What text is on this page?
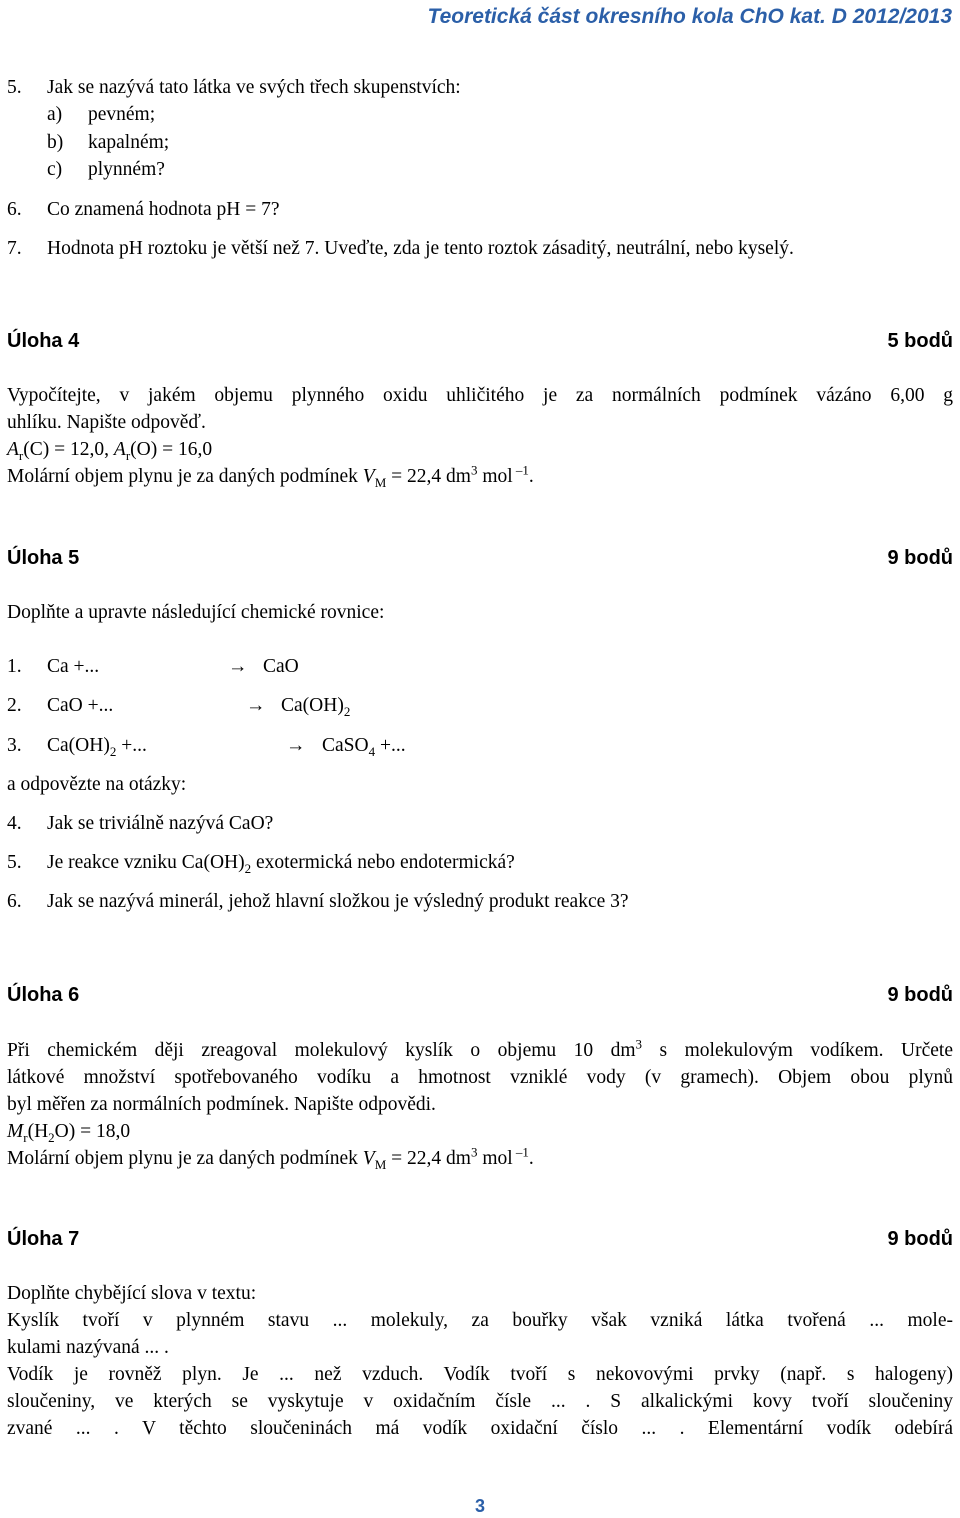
Teoretická část okresního kola ChO kat. D 2012/2013
5. Jak se nazývá tato látka ve svých třech skupenstvích:
a) pevném;
b) kapalném;
c) plynném?
6. Co znamená hodnota pH = 7?
7. Hodnota pH roztoku je větší než 7. Uveďte, zda je tento roztok zásaditý, neutrální, nebo kyselý.
Úloha 4	5 bodů
Vypočítejte, v jakém objemu plynného oxidu uhličitého je za normálních podmínek vázáno 6,00 g
uhlíku. Napište odpověď.
$A_r(C) = 12,0$, $A_r(O) = 16,0$
Molární objem plynu je za daných podmínek $V_M = 22,4$ $dm^3$ mol $^{-1}$.
Úloha 5	9 bodů
Doplňte a upravte následující chemické rovnice:
1. Ca +...	→ CaO
2. CaO +...	→ $Ca(OH)_2$
3. $Ca(OH)_2$ +...	→ CaSO$_4$ +...
a odpovězte na otázky:
4. Jak se triviálně nazývá CaO?
5. Je reakce vzniku $Ca(OH)_2$ exotermická nebo endotermická?
6. Jak se nazývá minerál, jehož hlavní složkou je výsledný produkt reakce 3?
Úloha 6	9 bodů
Při chemickém ději zreagoval molekulový kyslík o objemu 10 $dm^3$ s molekulovým vodíkem. Určete
látkové množství spotřebovaného vodíku a hmotnost vzniklé vody (v gramech). Objem obou plynů
byl měřen za normálních podmínek. Napište odpovědi.
$M_r(H_2O) = 18,0$
Molární objem plynu je za daných podmínek $V_M = 22,4$ $dm^3$ mol $^{-1}$.
Úloha 7	9 bodů
Doplňte chybějící slova v textu:
Kyslík tvoří v plynném stavu ... molekuly, za bouřky však vzniká látka tvořená ... mole-
kulami nazývaná ... .
Vodík je rovněž plyn. Je ... než vzduch. Vodík tvoří s nekovovými prvky (např. s halogeny)
sloučeniny, ve kterých se vyskytuje v oxidačním čísle ... . S alkalickými kovy tvoří sloučeniny
zvané ... . V těchto sloučeninách má vodík oxidační číslo ... . Elementární vodík odebírá
3
